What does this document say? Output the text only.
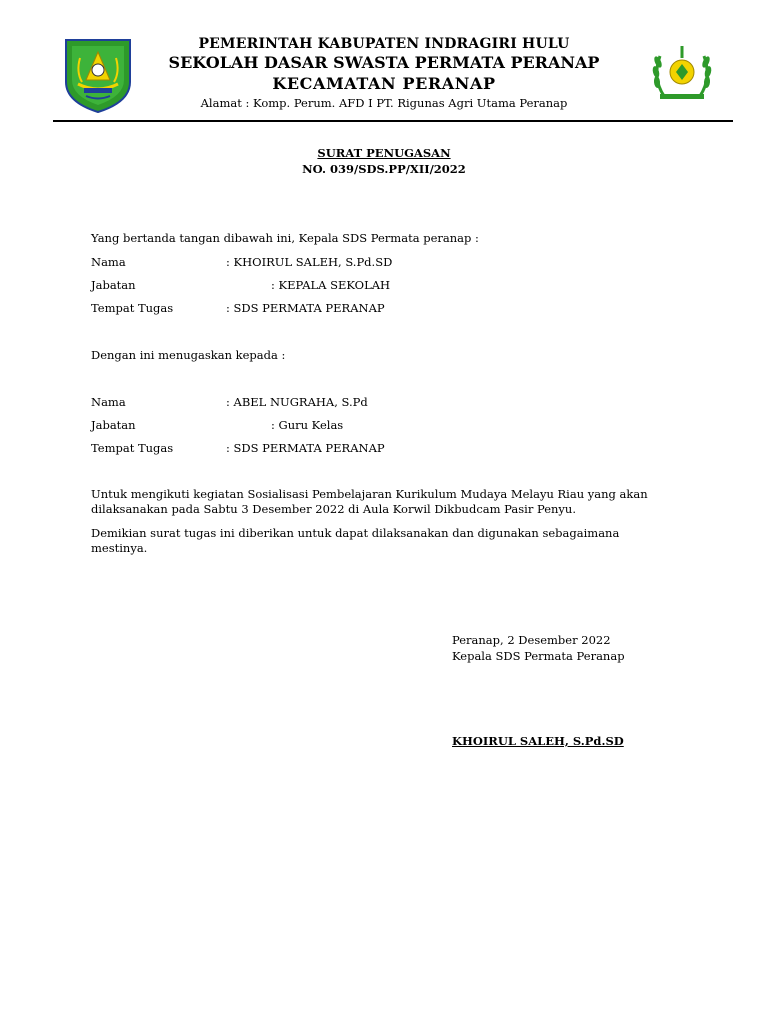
PEMERINTAH KABUPATEN INDRAGIRI HULU
SEKOLAH DASAR SWASTA PERMATA PERANAP
KECAMATAN PERANAP
Alamat : Komp. Perum. AFD I PT. Rigunas Agri Utama Peranap
SURAT PENUGASAN
NO. 039/SDS.PP/XII/2022
Yang bertanda tangan dibawah ini, Kepala SDS Permata peranap :
Nama	: KHOIRUL SALEH, S.Pd.SD
Jabatan	: KEPALA SEKOLAH
Tempat Tugas	: SDS PERMATA PERANAP
Dengan ini menugaskan kepada :
Nama	: ABEL NUGRAHA, S.Pd
Jabatan	: Guru Kelas
Tempat Tugas	: SDS PERMATA PERANAP
Untuk mengikuti kegiatan Sosialisasi Pembelajaran Kurikulum Mudaya Melayu Riau yang akan
dilaksanakan pada Sabtu 3 Desember 2022 di Aula Korwil Dikbudcam Pasir Penyu.
Demikian surat tugas ini diberikan untuk dapat dilaksanakan dan digunakan sebagaimana
mestinya.
Peranap, 2 Desember 2022
Kepala SDS Permata Peranap
KHOIRUL SALEH, S.Pd.SD
